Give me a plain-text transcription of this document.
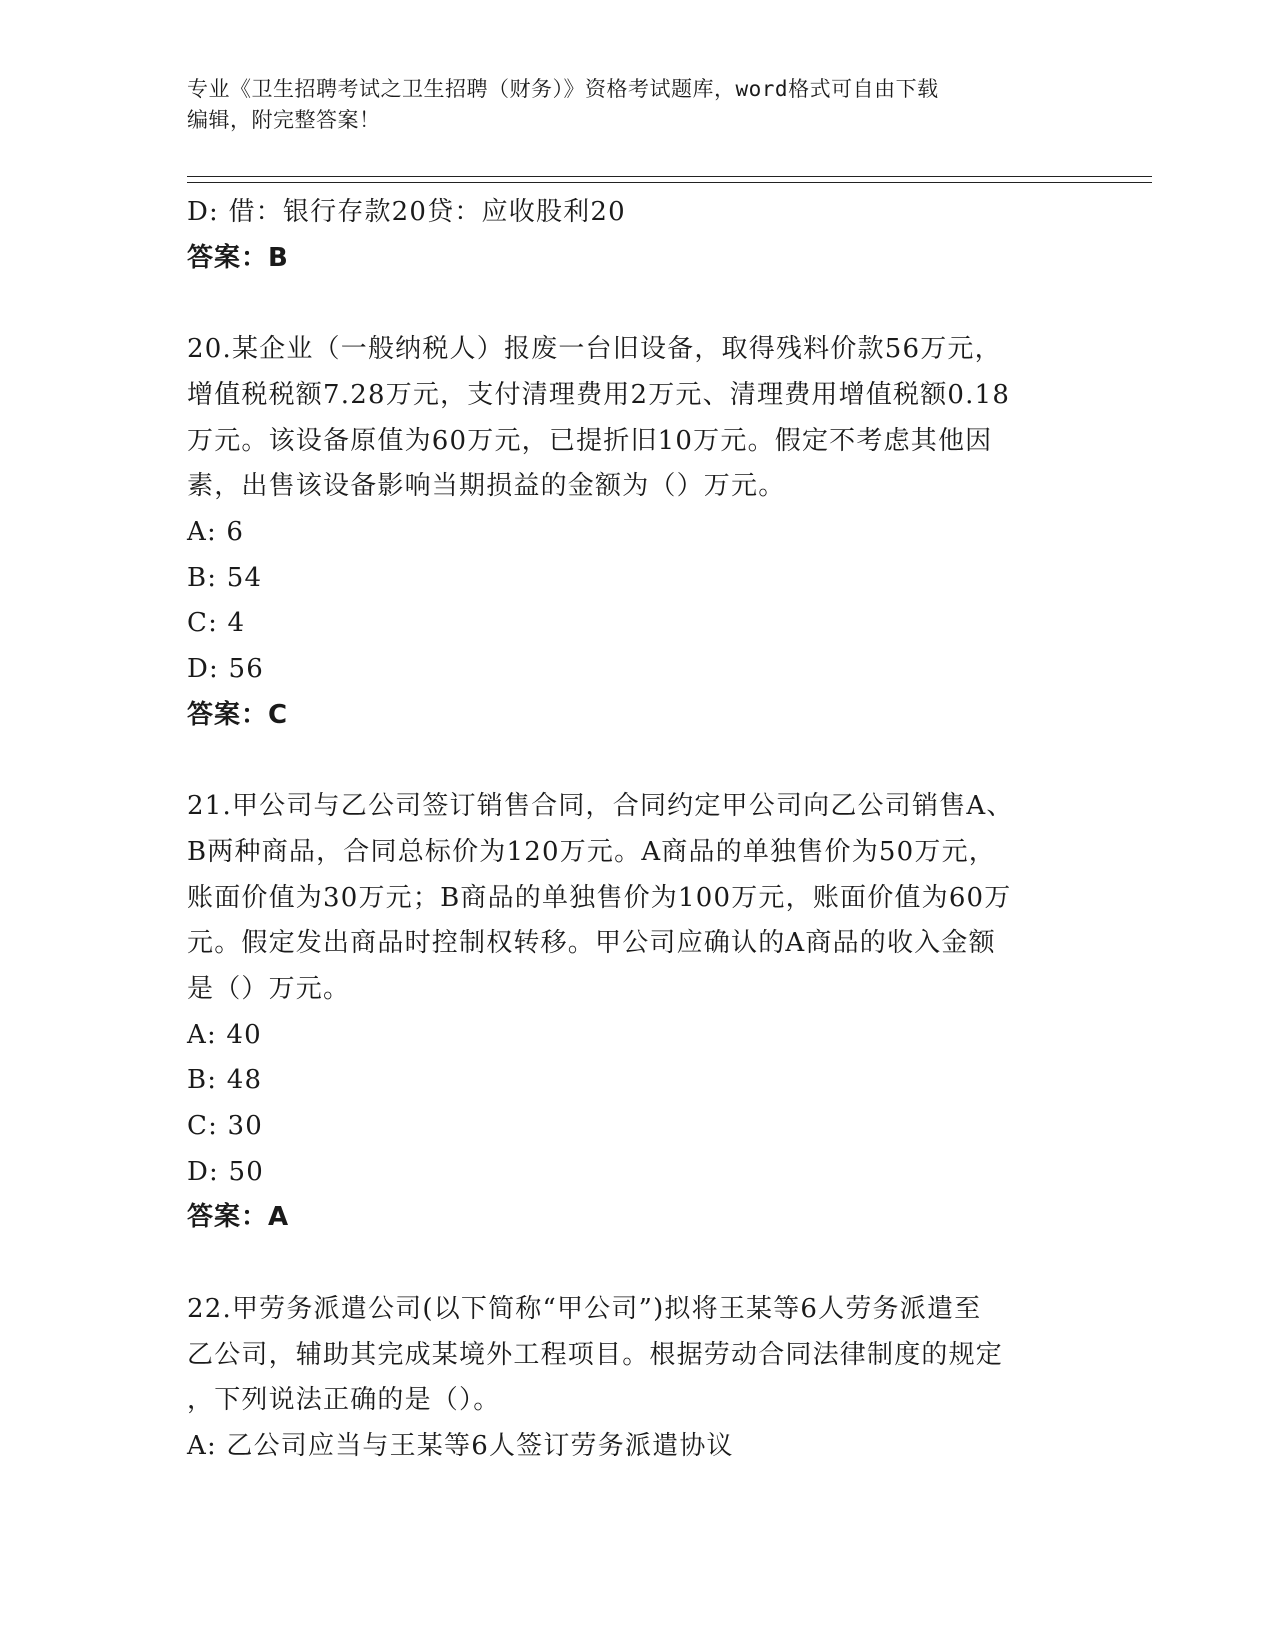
专业《卫生招聘考试之卫生招聘（财务）》资格考试题库，word格式可自由下载
编辑，附完整答案！
D: 借：银行存款20贷：应收股利20
答案：B
20.某企业（一般纳税人）报废一台旧设备，取得残料价款56万元，
增值税税额7.28万元，支付清理费用2万元、清理费用增值税额0.18
万元。该设备原值为60万元，已提折旧10万元。假定不考虑其他因
素，出售该设备影响当期损益的金额为（）万元。
A: 6
B: 54
C: 4
D: 56
答案：C
21.甲公司与乙公司签订销售合同，合同约定甲公司向乙公司销售A、
B两种商品，合同总标价为120万元。A商品的单独售价为50万元，
账面价值为30万元；B商品的单独售价为100万元，账面价值为60万
元。假定发出商品时控制权转移。甲公司应确认的A商品的收入金额
是（）万元。
A: 40
B: 48
C: 30
D: 50
答案：A
22.甲劳务派遣公司(以下简称“甲公司”)拟将王某等6人劳务派遣至
乙公司，辅助其完成某境外工程项目。根据劳动合同法律制度的规定
，下列说法正确的是（）。
A: 乙公司应当与王某等6人签订劳务派遣协议
